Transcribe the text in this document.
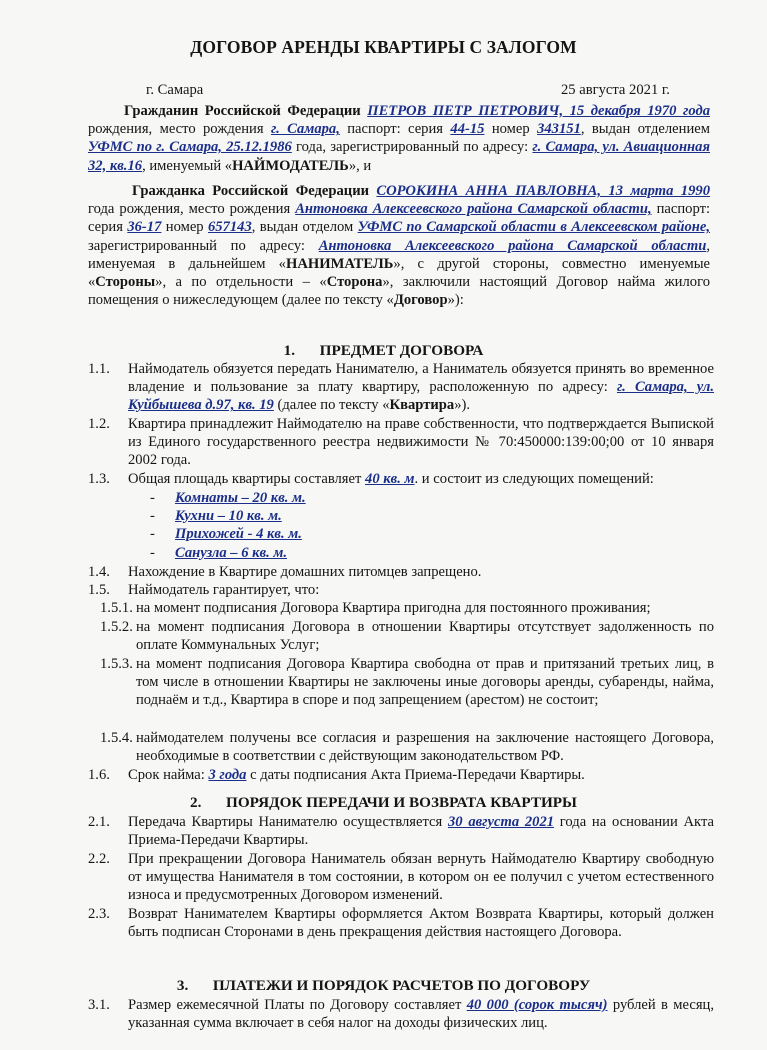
ДОГОВОР АРЕНДЫ КВАРТИРЫ С ЗАЛОГОМ
г. Самара	25 августа 2021 г.
Гражданин Российской Федерации ПЕТРОВ ПЕТР ПЕТРОВИЧ, 15 декабря 1970 года рождения, место рождения г. Самара, паспорт: серия 44-15 номер 343151, выдан отделением УФМС по г. Самара, 25.12.1986 года, зарегистрированный по адресу: г. Самара, ул. Авиационная 32, кв.16, именуемый «НАЙМОДАТЕЛЬ», и
Гражданка Российской Федерации СОРОКИНА АННА ПАВЛОВНА, 13 марта 1990 года рождения, место рождения Антоновка Алексеевского района Самарской области, паспорт: серия 36-17 номер 657143, выдан отделом УФМС по Самарской области в Алексеевском районе, зарегистрированный по адресу: Антоновка Алексеевского района Самарской области, именуемая в дальнейшем «НАНИМАТЕЛЬ», с другой стороны, совместно именуемые «Стороны», а по отдельности – «Сторона», заключили настоящий Договор найма жилого помещения о нижеследующем (далее по тексту «Договор»):
1. ПРЕДМЕТ ДОГОВОРА
1.1.	Наймодатель обязуется передать Нанимателю, а Наниматель обязуется принять во временное владение и пользование за плату квартиру, расположенную по адресу: г. Самара, ул. Куйбышева д.97, кв. 19 (далее по тексту «Квартира»).
1.2.	Квартира принадлежит Наймодателю на праве собственности, что подтверждается Выпиской из Единого государственного реестра недвижимости № 70:450000:139:00;00 от 10 января 2002 года.
1.3.	Общая площадь квартиры составляет 40 кв. м. и состоит из следующих помещений:
- Комнаты – 20 кв. м.
- Кухни – 10 кв. м.
- Прихожей - 4 кв. м.
- Санузла – 6 кв. м.
1.4.	Нахождение в Квартире домашних питомцев запрещено.
1.5.	Наймодатель гарантирует, что:
1.5.1. на момент подписания Договора Квартира пригодна для постоянного проживания;
1.5.2. на момент подписания Договора в отношении Квартиры отсутствует задолженность по оплате Коммунальных Услуг;
1.5.3. на момент подписания Договора Квартира свободна от прав и притязаний третьих лиц, в том числе в отношении Квартиры не заключены иные договоры аренды, субаренды, найма, поднаём и т.д., Квартира в споре и под запрещением (арестом) не состоит;
1.5.4. наймодателем получены все согласия и разрешения на заключение настоящего Договора, необходимые в соответствии с действующим законодательством РФ.
1.6.	Срок найма: 3 года с даты подписания Акта Приема-Передачи Квартиры.
2. ПОРЯДОК ПЕРЕДАЧИ И ВОЗВРАТА КВАРТИРЫ
2.1.	Передача Квартиры Нанимателю осуществляется 30 августа 2021 года на основании Акта Приема-Передачи Квартиры.
2.2.	При прекращении Договора Наниматель обязан вернуть Наймодателю Квартиру свободную от имущества Нанимателя в том состоянии, в котором он ее получил с учетом естественного износа и предусмотренных Договором изменений.
2.3.	Возврат Нанимателем Квартиры оформляется Актом Возврата Квартиры, который должен быть подписан Сторонами в день прекращения действия настоящего Договора.
3. ПЛАТЕЖИ И ПОРЯДОК РАСЧЕТОВ ПО ДОГОВОРУ
3.1.	Размер ежемесячной Платы по Договору составляет 40 000 (сорок тысяч) рублей в месяц, указанная сумма включает в себя налог на доходы физических лиц.
